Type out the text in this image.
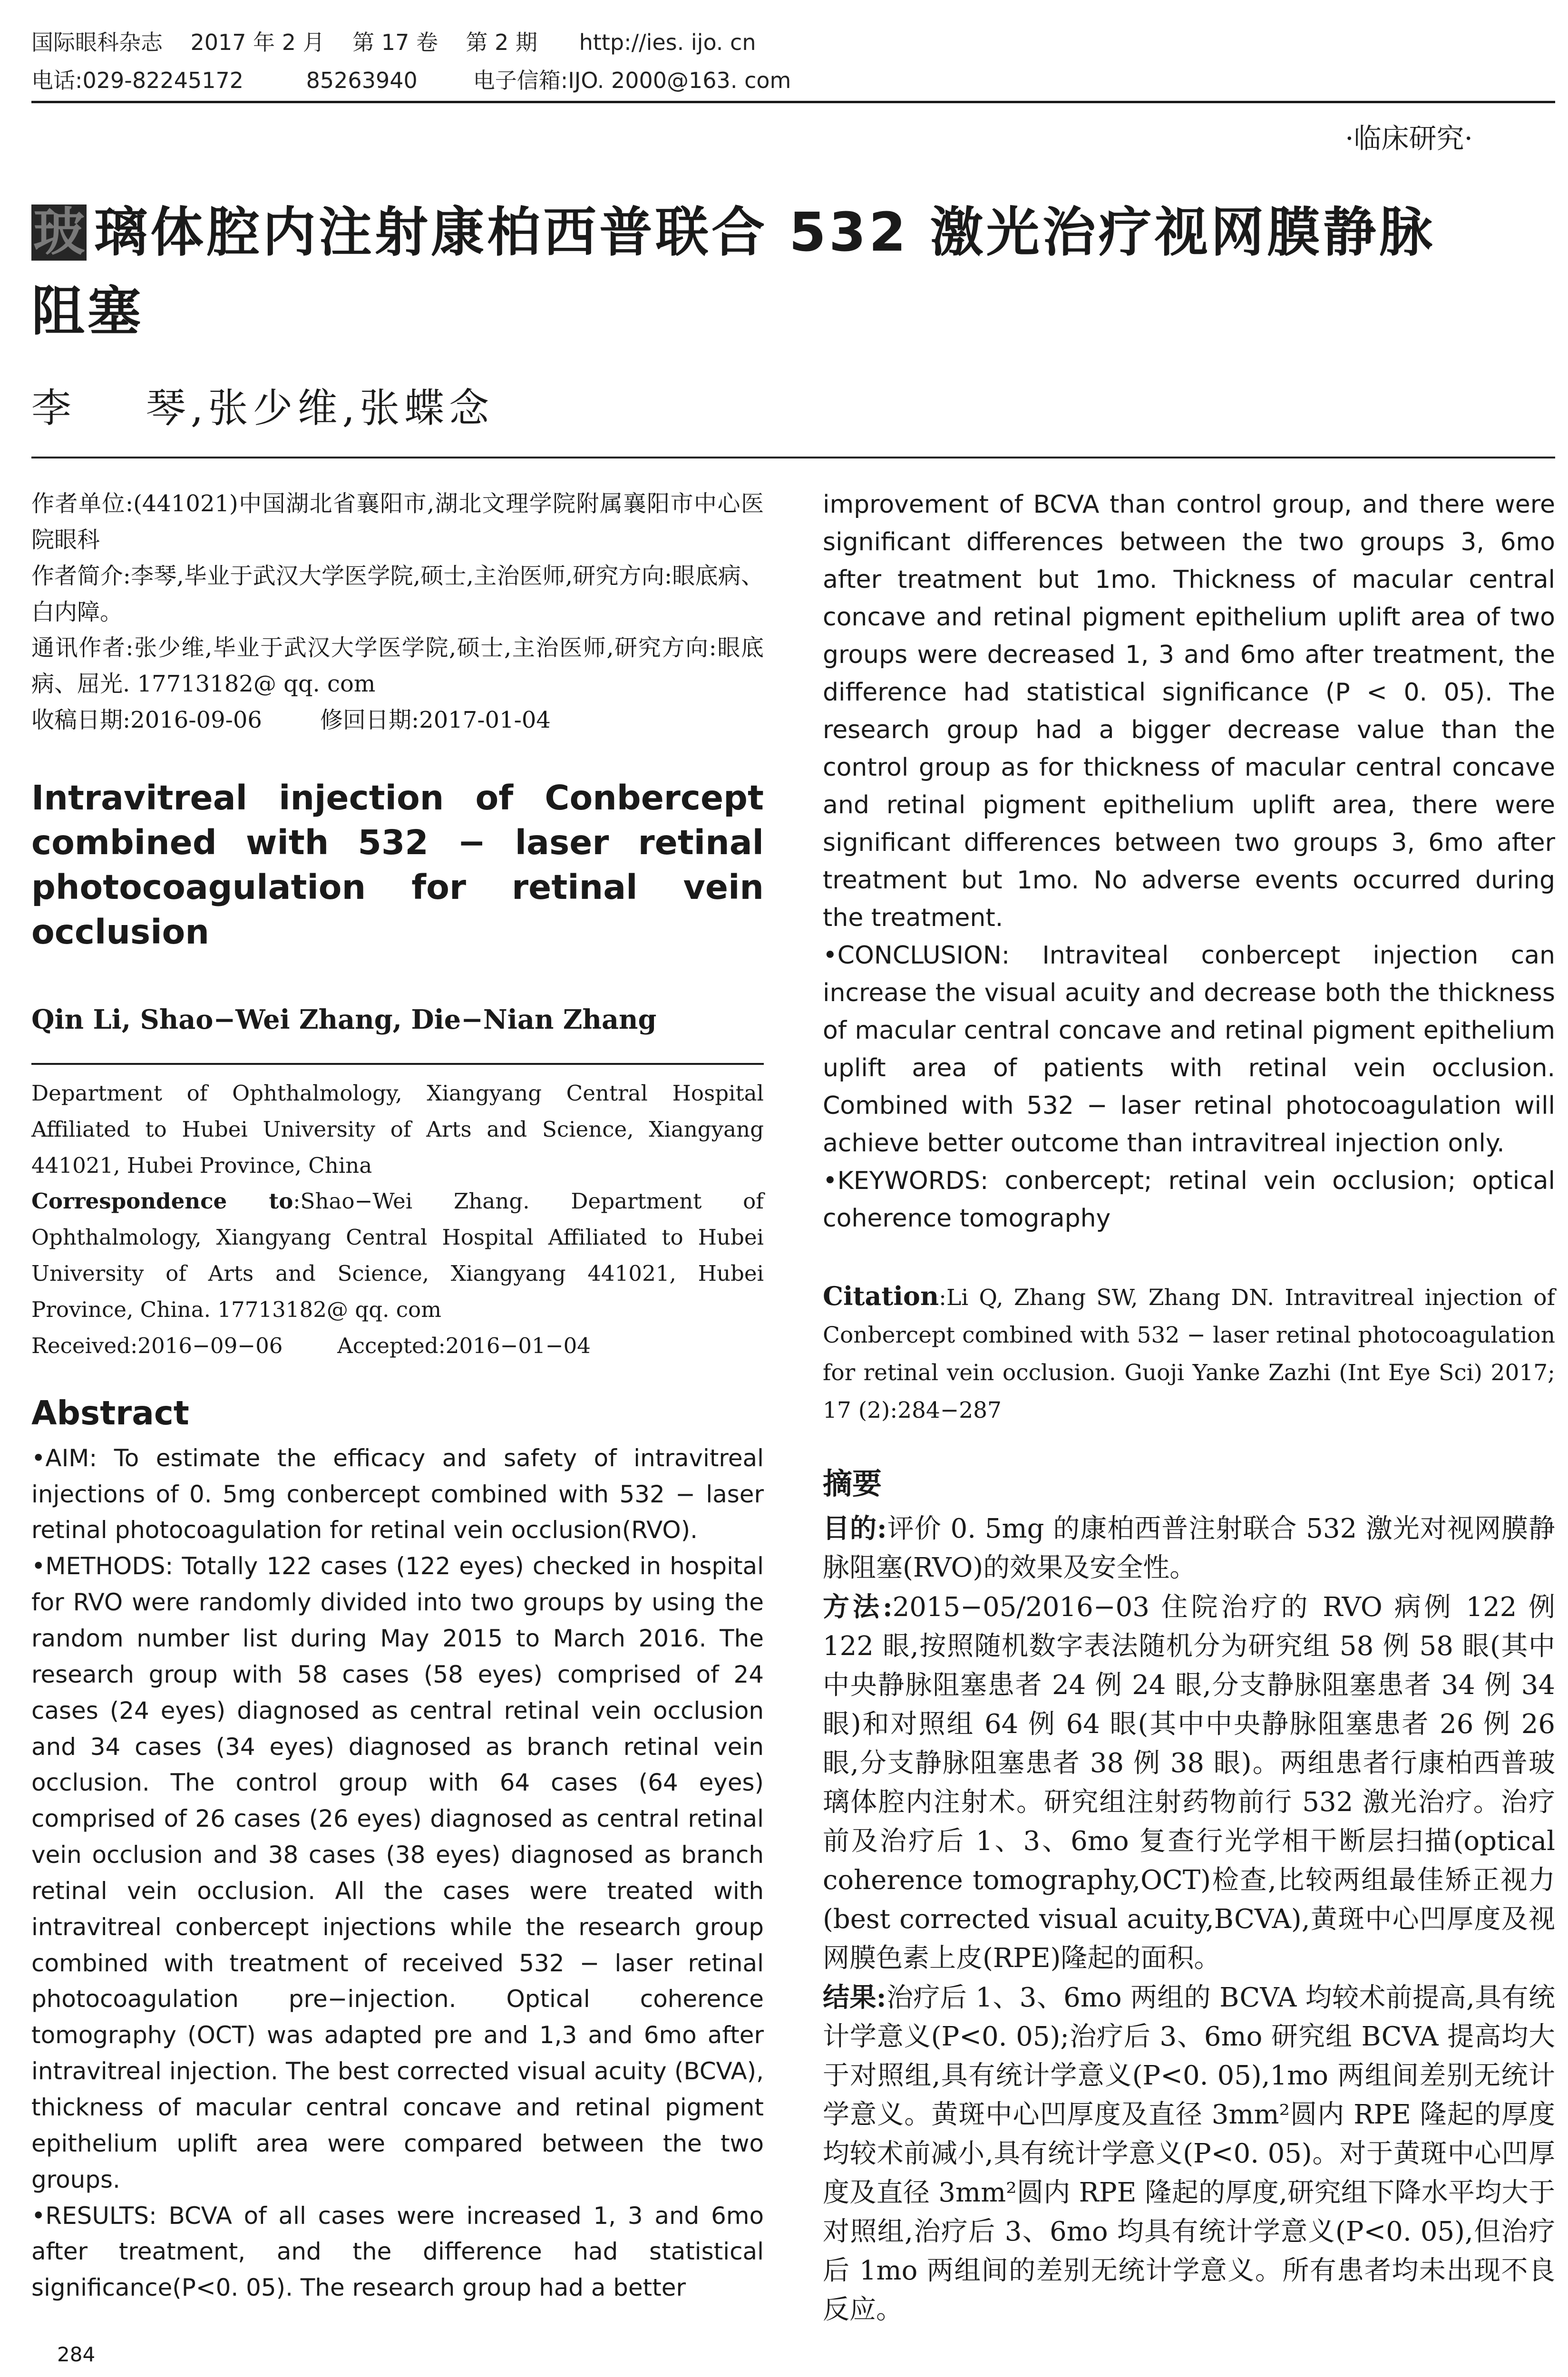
国际眼科杂志    2017 年 2 月    第 17 卷    第 2 期      http://ies. ijo. cn
电话:029-82245172         85263940        电子信箱:IJO. 2000@163. com
·临床研究·
玻 璃体腔内注射康柏西普联合 532 激光治疗视网膜静脉
阻塞
李    琴,张少维,张蝶念

作者单位:(441021)中国湖北省襄阳市,湖北文理学院附属襄阳市中心医院眼科

作者简介:李琴,毕业于武汉大学医学院,硕士,主治医师,研究方向:眼底病、白内障。

通讯作者:张少维,毕业于武汉大学医学院,硕士,主治医师,研究方向:眼底病、屈光. 17713182@ qq. com

收稿日期:2016-09-06        修回日期:2017-01-04

Intravitreal injection of Conbercept combined with 532 − laser retinal photocoagulation for retinal vein occlusion

Qin Li, Shao−Wei Zhang, Die−Nian Zhang

Department of Ophthalmology, Xiangyang Central Hospital Affiliated to Hubei University of Arts and Science, Xiangyang 441021, Hubei Province, China

Correspondence to:Shao−Wei Zhang. Department of Ophthalmology, Xiangyang Central Hospital Affiliated to Hubei University of Arts and Science, Xiangyang 441021, Hubei Province, China. 17713182@ qq. com

Received:2016−09−06        Accepted:2016−01−04

Abstract

•AIM: To estimate the efficacy and safety of intravitreal injections of 0. 5mg conbercept combined with 532 − laser retinal photocoagulation for retinal vein occlusion(RVO).

•METHODS: Totally 122 cases (122 eyes) checked in hospital for RVO were randomly divided into two groups by using the random number list during May 2015 to March 2016. The research group with 58 cases (58 eyes) comprised of 24 cases (24 eyes) diagnosed as central retinal vein occlusion and 34 cases (34 eyes) diagnosed as branch retinal vein occlusion. The control group with 64 cases (64 eyes) comprised of 26 cases (26 eyes) diagnosed as central retinal vein occlusion and 38 cases (38 eyes) diagnosed as branch retinal vein occlusion. All the cases were treated with intravitreal conbercept injections while the research group combined with treatment of received 532 − laser retinal photocoagulation pre−injection. Optical coherence tomography (OCT) was adapted pre and 1,3 and 6mo after intravitreal injection. The best corrected visual acuity (BCVA), thickness of macular central concave and retinal pigment epithelium uplift area were compared between the two groups.

•RESULTS: BCVA of all cases were increased 1, 3 and 6mo after treatment, and the difference had statistical significance(P<0. 05). The research group had a better

improvement of BCVA than control group, and there were significant differences between the two groups 3, 6mo after treatment but 1mo. Thickness of macular central concave and retinal pigment epithelium uplift area of two groups were decreased 1, 3 and 6mo after treatment, the difference had statistical significance (P < 0. 05). The research group had a bigger decrease value than the control group as for thickness of macular central concave and retinal pigment epithelium uplift area, there were significant differences between two groups 3, 6mo after treatment but 1mo. No adverse events occurred during the treatment.

•CONCLUSION: Intraviteal conbercept injection can increase the visual acuity and decrease both the thickness of macular central concave and retinal pigment epithelium uplift area of patients with retinal vein occlusion. Combined with 532 − laser retinal photocoagulation will achieve better outcome than intravitreal injection only.

•KEYWORDS: conbercept; retinal vein occlusion; optical coherence tomography

Citation:Li Q, Zhang SW, Zhang DN. Intravitreal injection of Conbercept combined with 532 − laser retinal photocoagulation for retinal vein occlusion. Guoji Yanke Zazhi (Int Eye Sci) 2017; 17 (2):284−287

摘要

目的:评价 0. 5mg 的康柏西普注射联合 532 激光对视网膜静脉阻塞(RVO)的效果及安全性。

方法:2015−05/2016−03 住院治疗的 RVO 病例 122 例 122 眼,按照随机数字表法随机分为研究组 58 例 58 眼(其中中央静脉阻塞患者 24 例 24 眼,分支静脉阻塞患者 34 例 34 眼)和对照组 64 例 64 眼(其中中央静脉阻塞患者 26 例 26 眼,分支静脉阻塞患者 38 例 38 眼)。两组患者行康柏西普玻璃体腔内注射术。研究组注射药物前行 532 激光治疗。治疗前及治疗后 1、3、6mo 复查行光学相干断层扫描(optical coherence tomography,OCT)检查,比较两组最佳矫正视力(best corrected visual acuity,BCVA),黄斑中心凹厚度及视网膜色素上皮(RPE)隆起的面积。

结果:治疗后 1、3、6mo 两组的 BCVA 均较术前提高,具有统计学意义(P<0. 05);治疗后 3、6mo 研究组 BCVA 提高均大于对照组,具有统计学意义(P<0. 05),1mo 两组间差别无统计学意义。黄斑中心凹厚度及直径 3mm²圆内 RPE 隆起的厚度均较术前减小,具有统计学意义(P<0. 05)。对于黄斑中心凹厚度及直径 3mm²圆内 RPE 隆起的厚度,研究组下降水平均大于对照组,治疗后 3、6mo 均具有统计学意义(P<0. 05),但治疗后 1mo 两组间的差别无统计学意义。所有患者均未出现不良反应。

284
